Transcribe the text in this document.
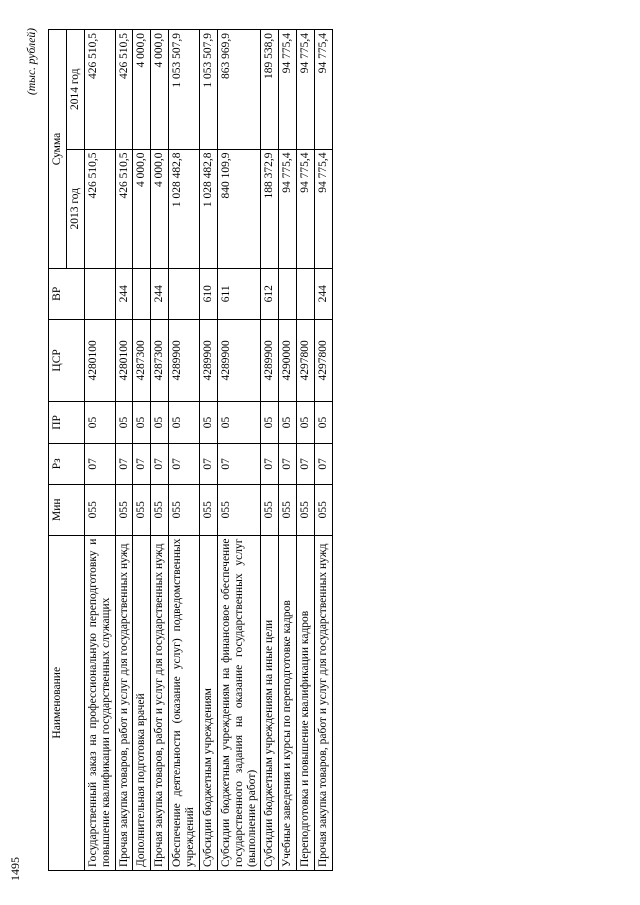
1495
(тыс. рублей)
Наименование	Мин	Рз	ПР	ЦСР	ВР	Сумма	
						2013 год	2014 год
Государственный заказ на профессиональную переподготовку и повышение квалификации государственных служащих	055	07	05	4280100		426 510,5	426 510,5
Прочая закупка товаров, работ и услуг для государственных нужд	055	07	05	4280100	244	426 510,5	426 510,5
Дополнительная подготовка врачей	055	07	05	4287300		4 000,0	4 000,0
Прочая закупка товаров, работ и услуг для государственных нужд	055	07	05	4287300	244	4 000,0	4 000,0
Обеспечение деятельности (оказание услуг) подведомственных учреждений	055	07	05	4289900		1 028 482,8	1 053 507,9
Субсидии бюджетным учреждениям	055	07	05	4289900	610	1 028 482,8	1 053 507,9
Субсидии бюджетным учреждениям на финансовое обеспечение государственного задания на оказание государственных услуг (выполнение работ)	055	07	05	4289900	611	840 109,9	863 969,9
Субсидии бюджетным учреждениям на иные цели	055	07	05	4289900	612	188 372,9	189 538,0
Учебные заведения и курсы по переподготовке кадров	055	07	05	4290000		94 775,4	94 775,4
Переподготовка и повышение квалификации кадров	055	07	05	4297800		94 775,4	94 775,4
Прочая закупка товаров, работ и услуг для государственных нужд	055	07	05	4297800	244	94 775,4	94 775,4
